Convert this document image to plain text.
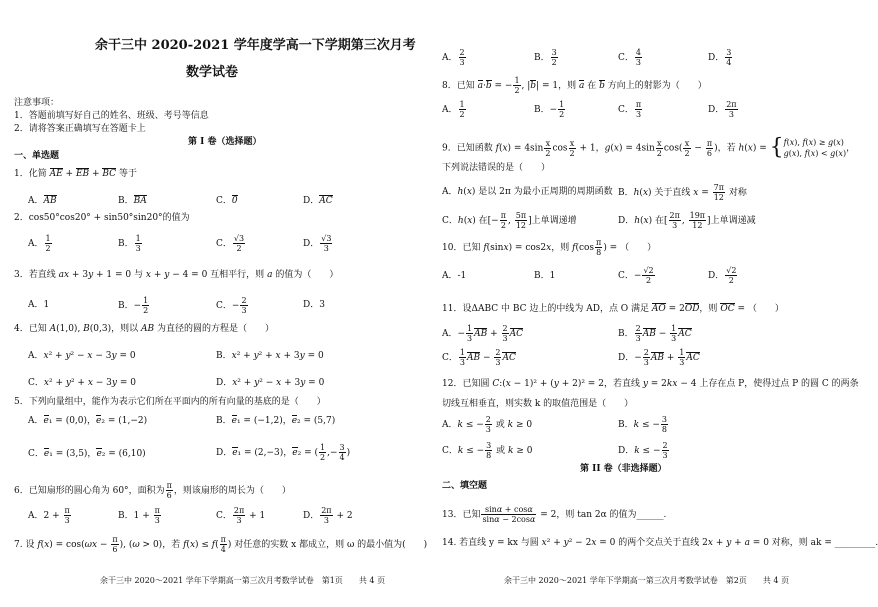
余干三中 2020-2021 学年度学高一下学期第三次月考
数学试卷
注意事项：
1．答题前填写好自己的姓名、班级、考号等信息
2．请将答案正确填写在答题卡上
第 I 卷（选择题）
一、单选题
1．化简 AE + EB + BC 等于
A．AB	B．BA	C．0	D．AC
2．cos50°cos20° + sin50°sin20°的值为
A． $\frac{1}{2}$	B． $\frac{1}{3}$	C． $\frac{√3}{2}$	D． $\frac{√3}{3}$
3．若直线 ax + 3y + 1 = 0 与 x + y − 4 = 0 互相平行，则 a 的值为（　　）
A．1	B．− $\frac{1}{2}$	C．− $\frac{2}{3}$	D．3
4．已知 A(1,0), B(0,3)，则以 AB 为直径的圆的方程是（　　）
A．x² + y² − x − 3y = 0	B．x² + y² + x + 3y = 0
C．x² + y² + x − 3y = 0	D．x² + y² − x + 3y = 0
5．下列向量组中，能作为表示它们所在平面内的所有向量的基底的是（　　）
A．e₁ = (0,0)，e₂ = (1,−2)	B．e₁ = (−1,2)，e₂ = (5,7)
C．e₁ = (3,5)，e₂ = (6,10)	D．e₁ = (2,−3)，e₂ = ( $\frac{1}{2}$ ,− $\frac{3}{4}$ )
6．已知扇形的圆心角为 60°，面积为 $\frac{\pi}{6}$ ，则该扇形的周长为（　　）
A．$2 + \frac{\pi}{3}$	B．$1 + \frac{\pi}{3}$	C． $\frac{2\pi}{3} + 1$	D． $\frac{2\pi}{3} + 2$
7. 设 $f(x) = \cos(\omega x - \frac{\pi}{6}$ ), (ω > 0)，若 $f(x) \le f( \frac{\pi}{4}$ ) 对任意的实数 x 都成立，则 ω 的最小值为(　　)
余干三中 2020～2021 学年下学期高一第三次月考数学试卷　第1页　　共 4 页
A． $\frac{2}{3}$	B． $\frac{3}{2}$	C． $\frac{4}{3}$	D． $\frac{3}{4}$
8．已知 a·b = − $\frac{1}{2}$ , |b| = 1，则 a 在 b 方向上的射影为（　　）
A． $\frac{1}{2}$	B．− $\frac{1}{2}$	C． $\frac{\pi}{3}$	D． $\frac{2\pi}{3}$
9．已知函数 $f(x) = 4\sin \frac{x}{2}$ $\cos \frac{x}{2} + 1$，$g(x) = 4\sin \frac{x}{2} \cos( \frac{x}{2} - \frac{\pi}{6}$ )，若 h(x) = {f(x), f(x) ≥ g(x)
g(x), f(x) < g(x)，
下列说法错误的是（　　）
A．h(x) 是以 2π 为最小正周期的周期函数 B．h(x) 关于直线 $x = \frac{7\pi}{12}$ 对称
C．h(x) 在[− $\frac{\pi}{2}$ , $\frac{5\pi}{12}$ ]上单调递增	D．h(x) 在[ $\frac{2\pi}{3}$ , $\frac{19\pi}{12}$ ]上单调递减
10．已知 f(sinx) = cos2x，则 $f(\cos \frac{\pi}{8}$ ) = （　　）
A．-1	B．1	C．− $\frac{√2}{2}$	D． $\frac{√2}{2}$
11．设ΔABC 中 BC 边上的中线为 AD，点 O 满足 AO = 2OD，则 OC = （　　）
A．− $\frac{1}{3}$ AB + $\frac{2}{3}$ AC	B． $\frac{2}{3}$ AB − $\frac{1}{3}$ AC
C． $\frac{1}{3}$ AB − $\frac{2}{3}$ AC	D．− $\frac{2}{3}$ AB + $\frac{1}{3}$ AC
12．已知圆 C:(x − 1)² + (y + 2)² = 2，若直线 y = 2kx − 4 上存在点 P，使得过点 P 的圆 C 的两条
切线互相垂直，则实数 k 的取值范围是（　　）
A．k ≤ − $\frac{2}{3}$ 或 k ≥ 0	B．k ≤ − $\frac{3}{8}$
C．k ≤ − $\frac{3}{8}$ 或 k ≥ 0	D．k ≤ − $\frac{2}{3}$
第 II 卷（非选择题）
二、填空题
13．已知 $\frac{\sin\alpha + \cos\alpha}{\sin\alpha - 2\cos\alpha} = 2$，则 tan 2α 的值为______.
14. 若直线 y = kx 与圆 x² + y² − 2x = 0 的两个交点关于直线 2x + y + a = 0 对称，则 ak = _________.
余干三中 2020～2021 学年下学期高一第三次月考数学试卷　第2页　　共 4 页
